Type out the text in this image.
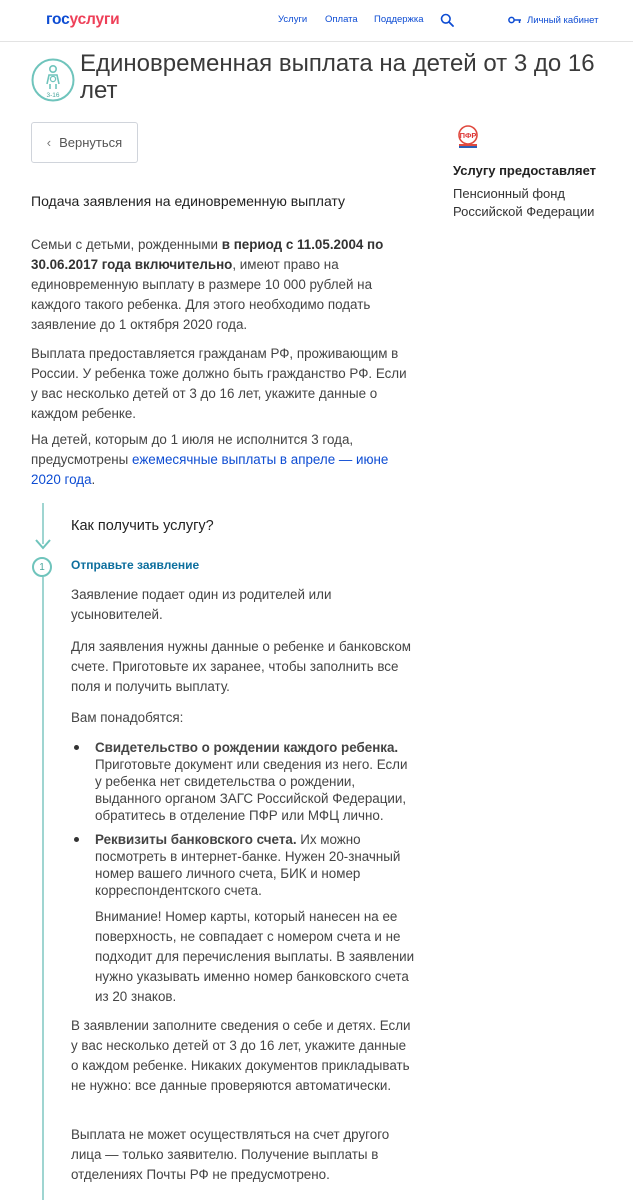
госуслуги	Услуги Оплата Поддержка	Личный кабинет
3-16
Единовременная выплата на детей от 3 до 16 лет
‹ Вернуться	ПФР
Услугу предоставляет
Пенсионный фонд Российской Федерации
Подача заявления на единовременную выплату

Семьи с детьми, рожденными в период с 11.05.2004 по 30.06.2017 года включительно, имеют право на единовременную выплату в размере 10 000 рублей на каждого такого ребенка. Для этого необходимо подать заявление до 1 октября 2020 года.

Выплата предоставляется гражданам РФ, проживающим в России. У ребенка тоже должно быть гражданство РФ. Если у вас несколько детей от 3 до 16 лет, укажите данные о каждом ребенке.

На детей, которым до 1 июля не исполнится 3 года, предусмотрены ежемесячные выплаты в апреле — июне 2020 года.

1
Как получить услугу?
Отправьте заявление

Заявление подает один из родителей или усыновителей.

Для заявления нужны данные о ребенке и банковском счете. Приготовьте их заранее, чтобы заполнить все поля и получить выплату.

Вам понадобятся:

Свидетельство о рождении каждого ребенка. Приготовьте документ или сведения из него. Если у ребенка нет свидетельства о рождении, выданного органом ЗАГС Российской Федерации, обратитесь в отделение ПФР или МФЦ лично.

Реквизиты банковского счета. Их можно посмотреть в интернет-банке. Нужен 20-значный номер вашего личного счета, БИК и номер корреспондентского счета.

Внимание! Номер карты, который нанесен на ее поверхность, не совпадает с номером счета и не подходит для перечисления выплаты. В заявлении нужно указывать именно номер банковского счета из 20 знаков.

В заявлении заполните сведения о себе и детях. Если у вас несколько детей от 3 до 16 лет, укажите данные о каждом ребенке. Никаких документов прикладывать не нужно: все данные проверяются автоматически.

Выплата не может осуществляться на счет другого лица — только заявителю. Получение выплаты в отделениях Почты РФ не предусмотрено.
